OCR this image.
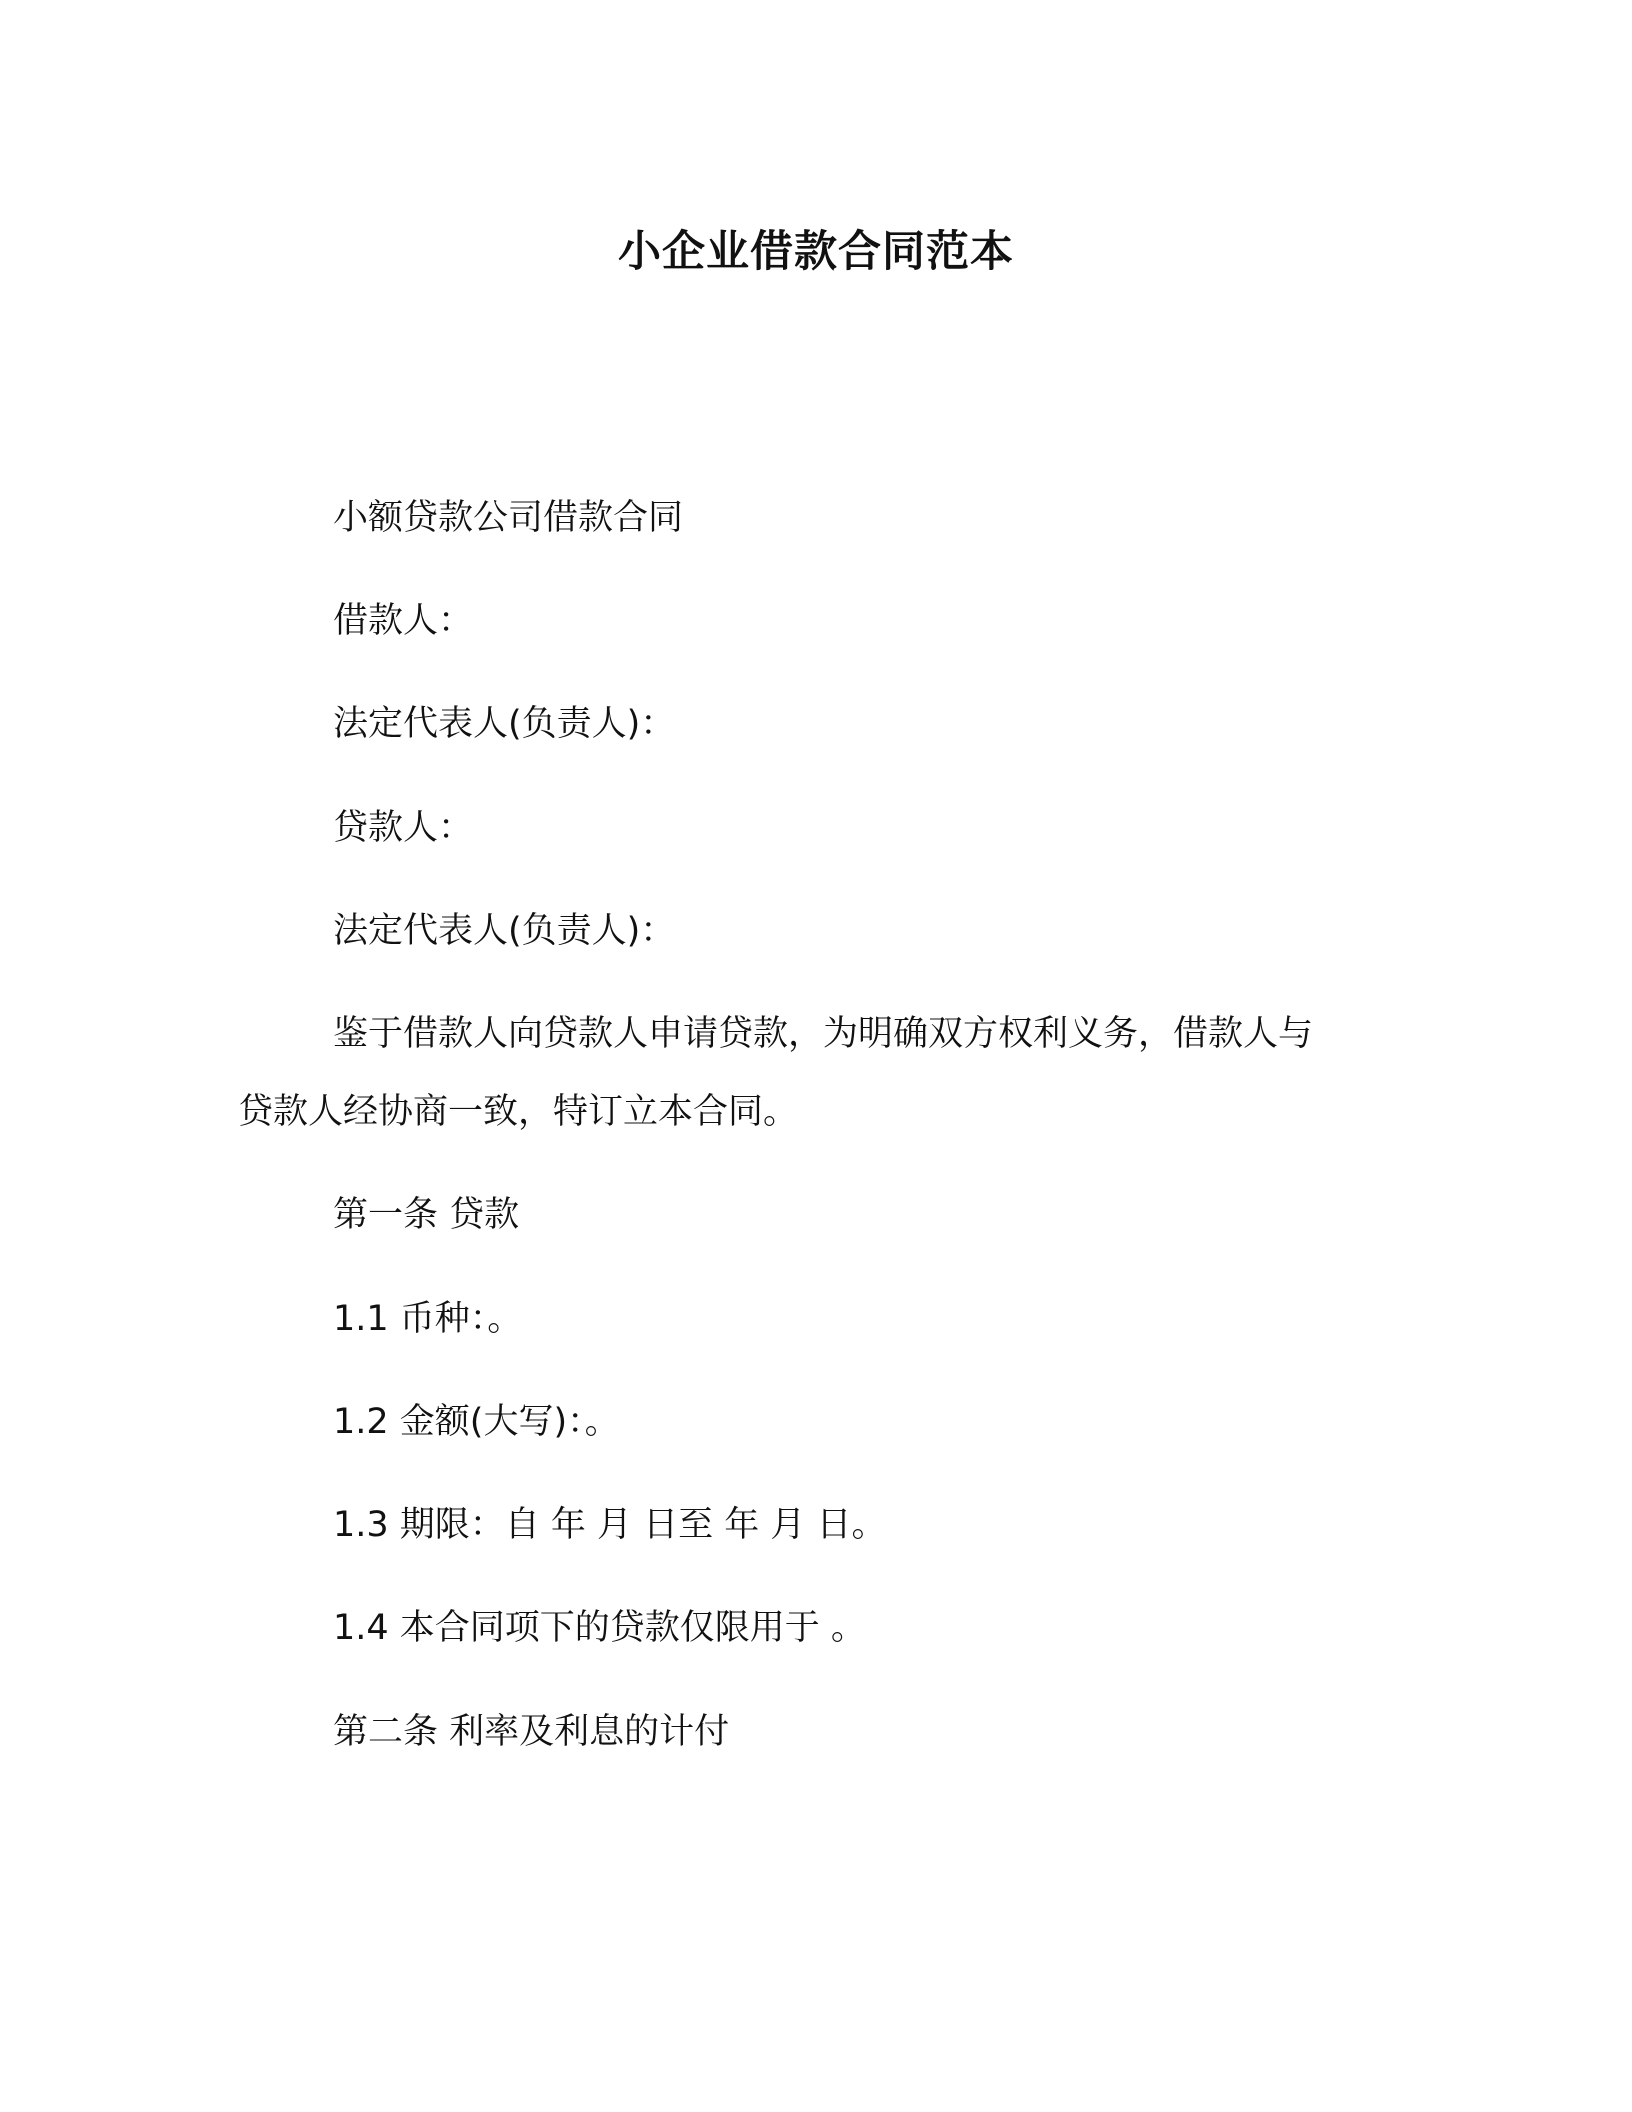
小企业借款合同范本
小额贷款公司借款合同
借款人：
法定代表人(负责人)：
贷款人：
法定代表人(负责人)：
鉴于借款人向贷款人申请贷款，为明确双方权利义务，借款人与
贷款人经协商一致，特订立本合同。
第一条 贷款
1.1 币种：。
1.2 金额(大写)：。
1.3 期限：自 年 月 日至 年 月 日。
1.4 本合同项下的贷款仅限用于 。
第二条 利率及利息的计付
